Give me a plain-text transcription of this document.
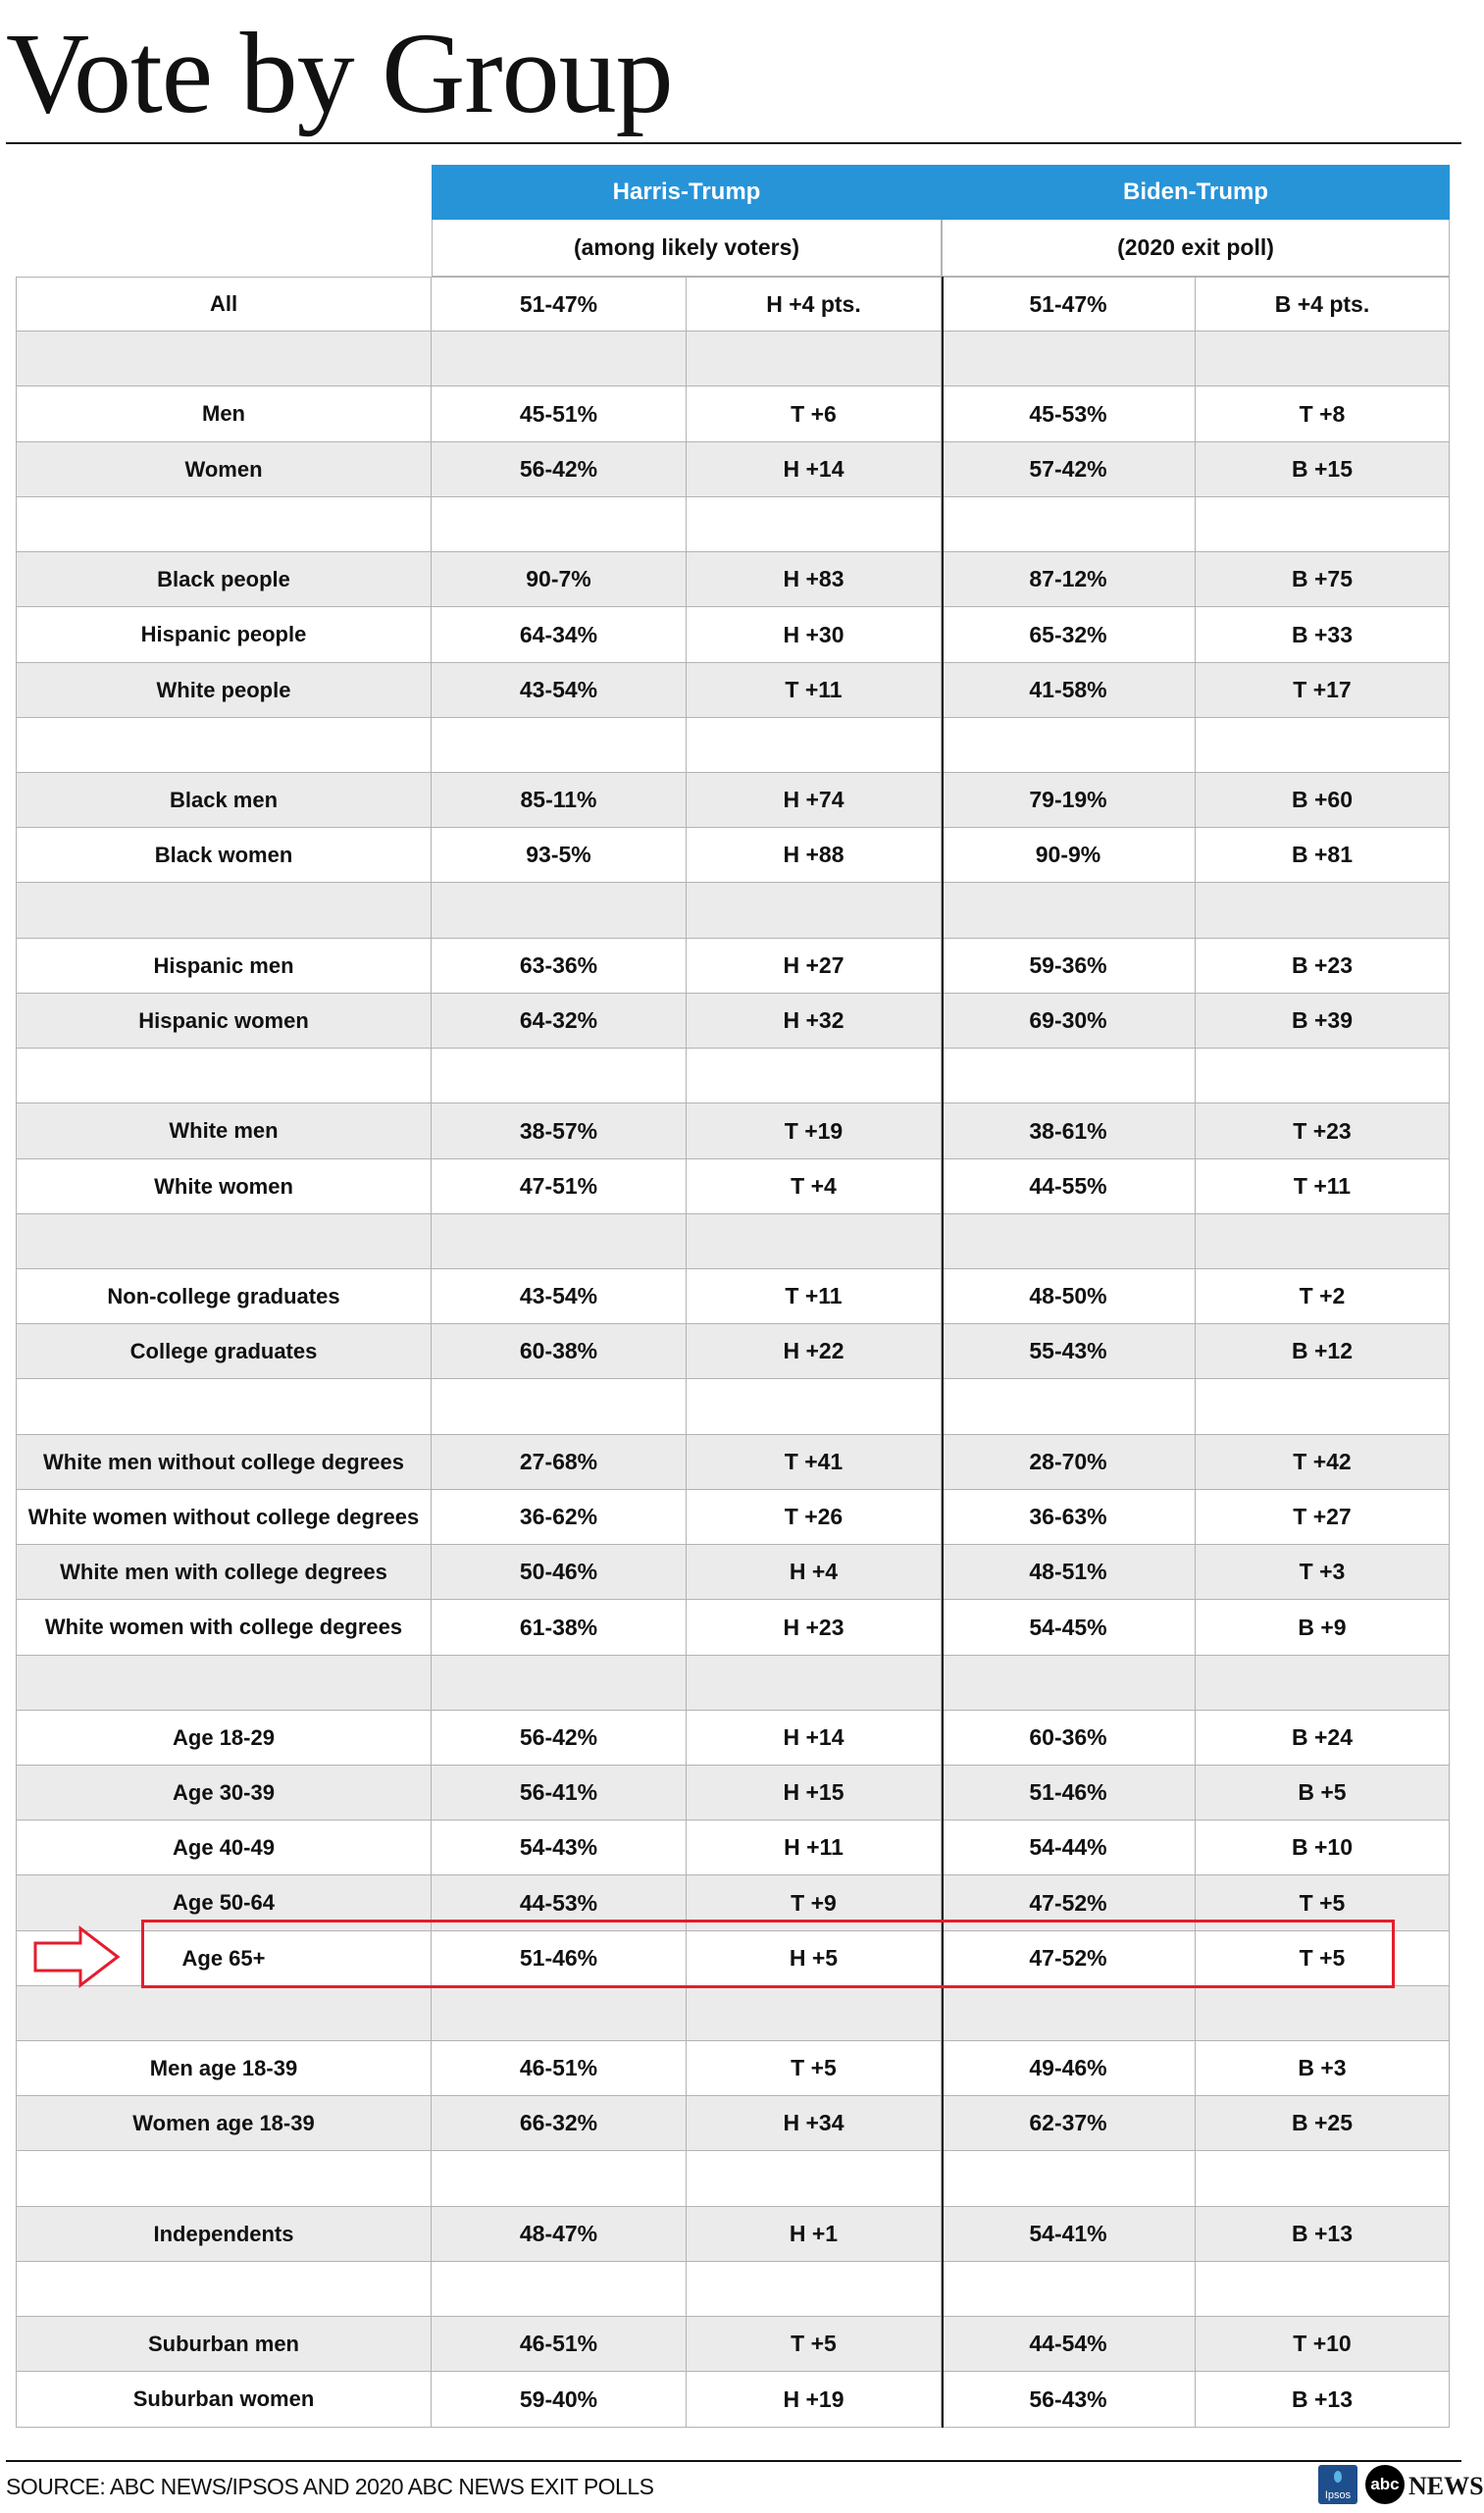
Vote by Group
Harris-Trump	Biden-Trump
(among likely voters)	(2020 exit poll)
All	51-47%	H +4 pts.	51-47%	B +4 pts.
Men	45-51%	T +6	45-53%	T +8
Women	56-42%	H +14	57-42%	B +15
Black people	90-7%	H +83	87-12%	B +75
Hispanic people	64-34%	H +30	65-32%	B +33
White people	43-54%	T +11	41-58%	T +17
Black men	85-11%	H +74	79-19%	B +60
Black women	93-5%	H +88	90-9%	B +81
Hispanic men	63-36%	H +27	59-36%	B +23
Hispanic women	64-32%	H +32	69-30%	B +39
White men	38-57%	T +19	38-61%	T +23
White women	47-51%	T +4	44-55%	T +11
Non-college graduates	43-54%	T +11	48-50%	T +2
College graduates	60-38%	H +22	55-43%	B +12
White men without college degrees	27-68%	T +41	28-70%	T +42
White women without college degrees	36-62%	T +26	36-63%	T +27
White men with college degrees	50-46%	H +4	48-51%	T +3
White women with college degrees	61-38%	H +23	54-45%	B +9
Age 18-29	56-42%	H +14	60-36%	B +24
Age 30-39	56-41%	H +15	51-46%	B +5
Age 40-49	54-43%	H +11	54-44%	B +10
Age 50-64	44-53%	T +9	47-52%	T +5
Age 65+	51-46%	H +5	47-52%	T +5
Men age 18-39	46-51%	T +5	49-46%	B +3
Women age 18-39	66-32%	H +34	62-37%	B +25
Independents	48-47%	H +1	54-41%	B +13
Suburban men	46-51%	T +5	44-54%	T +10
Suburban women	59-40%	H +19	56-43%	B +13
SOURCE: ABC NEWS/IPSOS AND 2020 ABC NEWS EXIT POLLS	Ipsos
abc NEWS
